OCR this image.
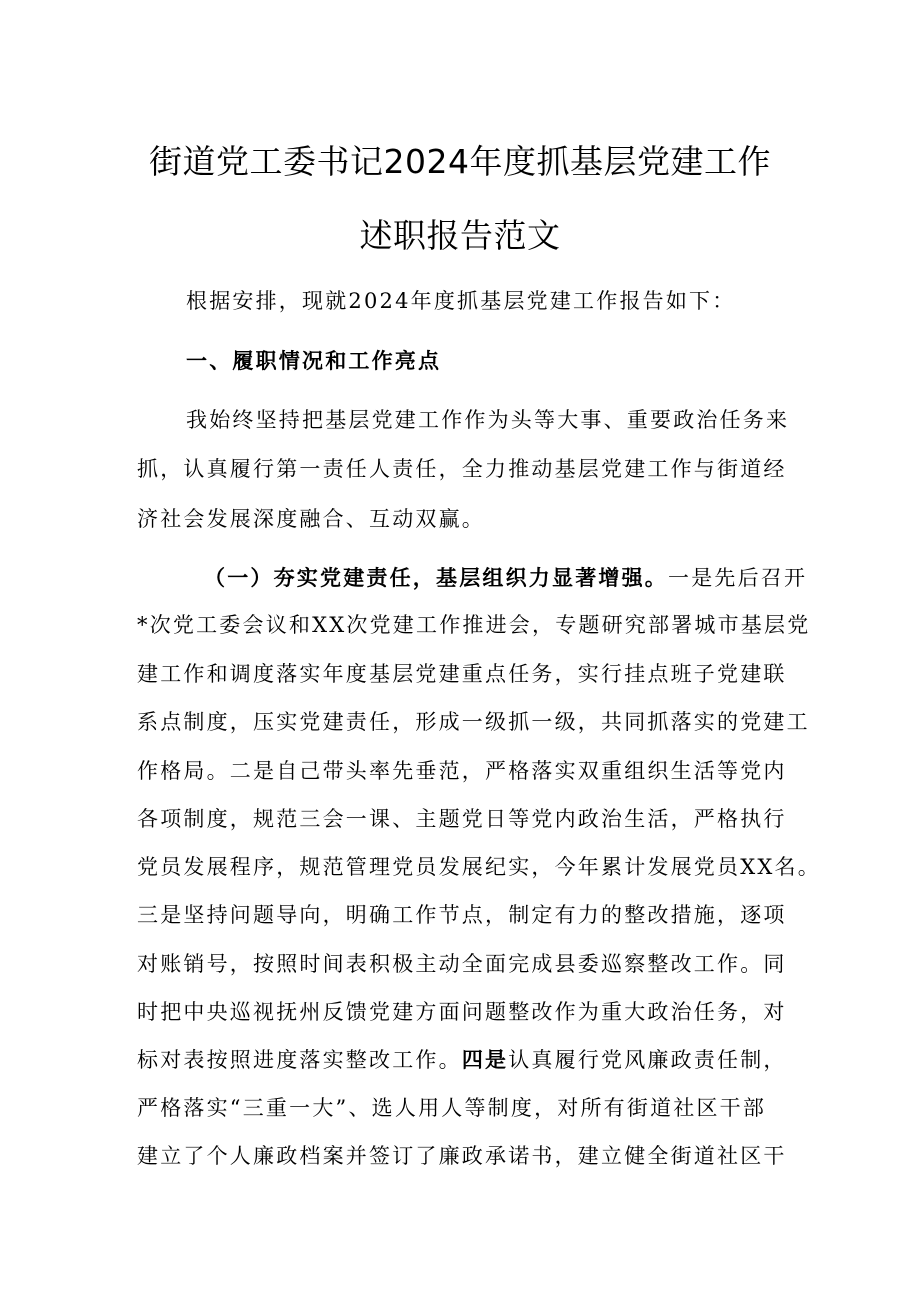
街道党工委书记2024年度抓基层党建工作
述职报告范文

根据安排，现就2024年度抓基层党建工作报告如下：

一、履职情况和工作亮点

我始终坚持把基层党建工作作为头等大事、重要政治任务来

抓，认真履行第一责任人责任，全力推动基层党建工作与街道经

济社会发展深度融合、互动双赢。

（一）夯实党建责任，基层组织力显著增强。一是先后召开

*次党工委会议和XX次党建工作推进会，专题研究部署城市基层党

建工作和调度落实年度基层党建重点任务，实行挂点班子党建联

系点制度，压实党建责任，形成一级抓一级，共同抓落实的党建工

作格局。二是自己带头率先垂范，严格落实双重组织生活等党内

各项制度，规范三会一课、主题党日等党内政治生活，严格执行

党员发展程序，规范管理党员发展纪实，今年累计发展党员XX名。

三是坚持问题导向，明确工作节点，制定有力的整改措施，逐项

对账销号，按照时间表积极主动全面完成县委巡察整改工作。同

时把中央巡视抚州反馈党建方面问题整改作为重大政治任务，对

标对表按照进度落实整改工作。四是认真履行党风廉政责任制，

严格落实“三重一大”、选人用人等制度，对所有街道社区干部

建立了个人廉政档案并签订了廉政承诺书，建立健全街道社区干
